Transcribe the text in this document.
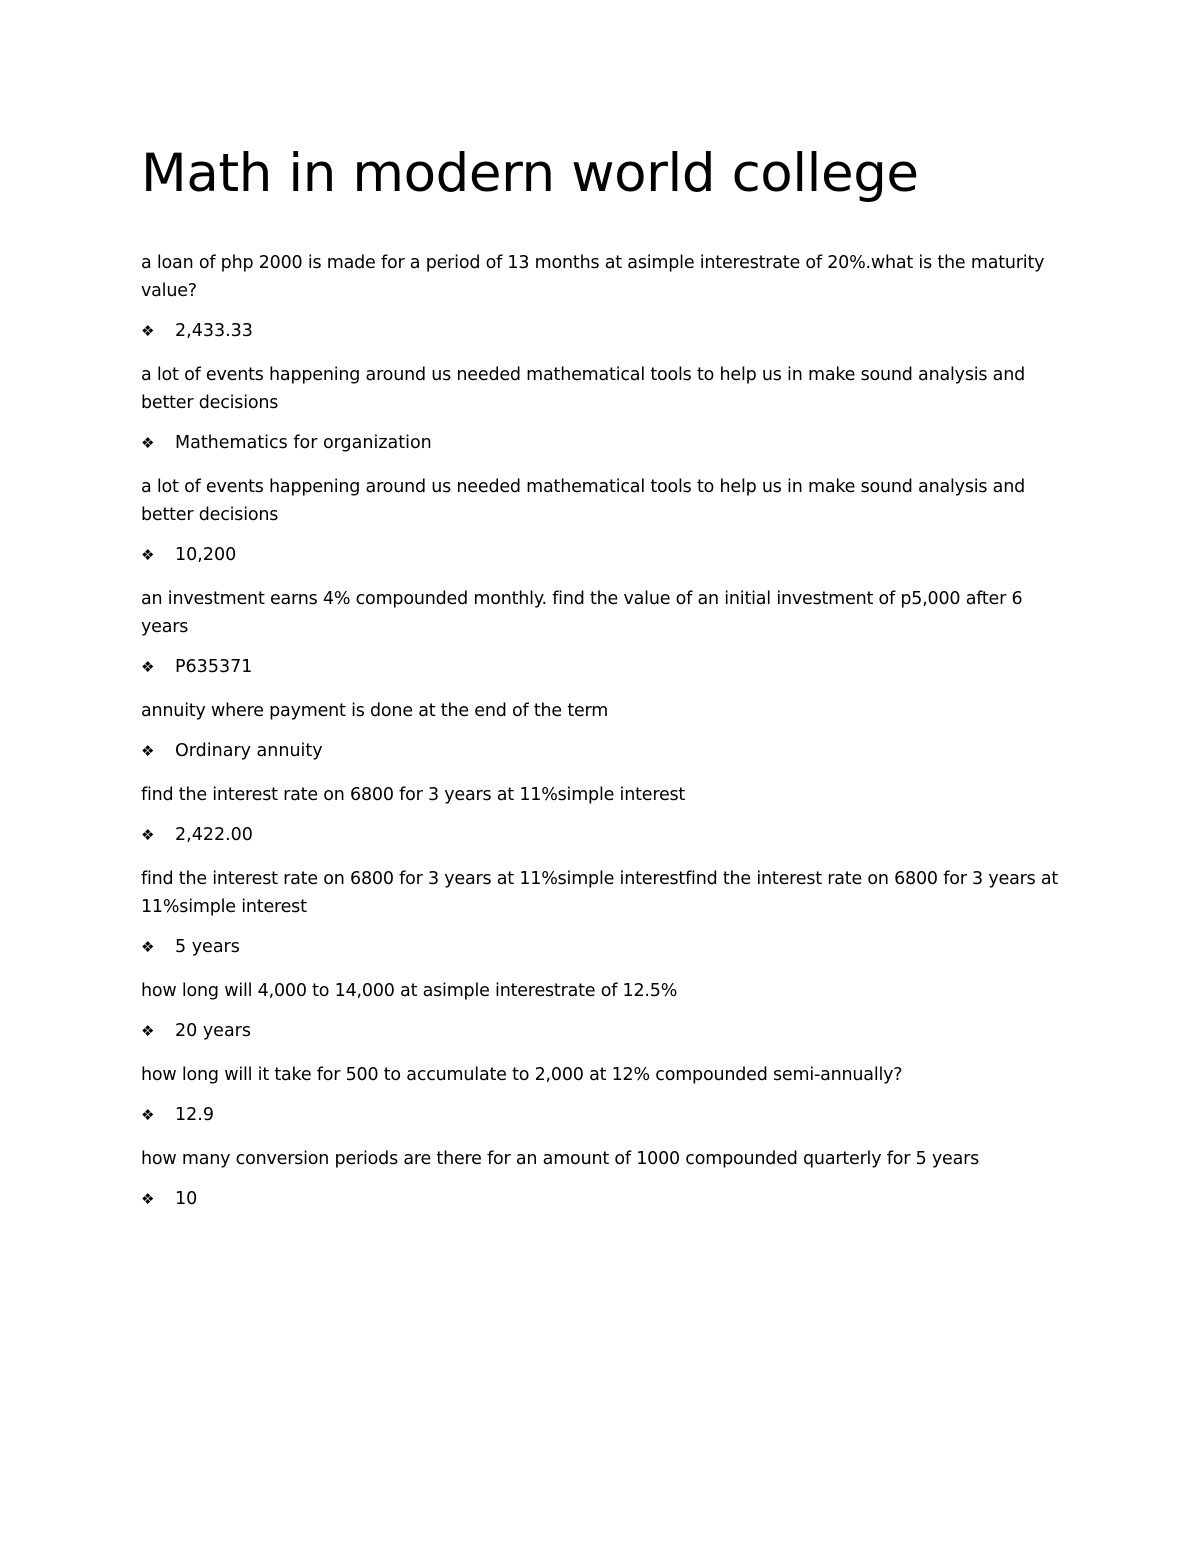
Math in modern world college

a loan of php 2000 is made for a period of 13 months at asimple interestrate of 20%.what is the maturity value?

❖	2,433.33

a lot of events happening around us needed mathematical tools to help us in make sound analysis and better decisions

❖	Mathematics for organization

a lot of events happening around us needed mathematical tools to help us in make sound analysis and better decisions

❖	10,200

an investment earns 4% compounded monthly. find the value of an initial investment of p5,000 after 6 years

❖	P635371

annuity where payment is done at the end of the term

❖	Ordinary annuity

find the interest rate on 6800 for 3 years at 11%simple interest

❖	2,422.00

find the interest rate on 6800 for 3 years at 11%simple interestfind the interest rate on 6800 for 3 years at 11%simple interest

❖	5 years

how long will 4,000 to 14,000 at asimple interestrate of 12.5%

❖	20 years

how long will it take for 500 to accumulate to 2,000 at 12% compounded semi-annually?

❖	12.9

how many conversion periods are there for an amount of 1000 compounded quarterly for 5 years

❖	10
